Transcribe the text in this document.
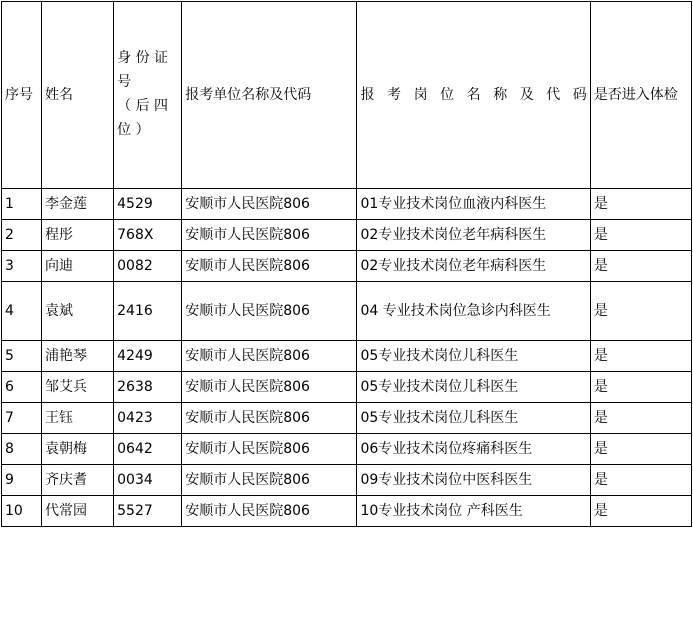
序号	姓名	身 份 证
号
（ 后 四
位 ）	报考单位名称及代码	报考岗位名称及代码	是否进入体检

1	李金莲	4529	安顺市人民医院806	01专业技术岗位血液内科医生	是
2	程彤	768X	安顺市人民医院806	02专业技术岗位老年病科医生	是
3	向迪	0082	安顺市人民医院806	02专业技术岗位老年病科医生	是
4	袁斌	2416	安顺市人民医院806	04 专业技术岗位急诊内科医生	是
5	浦艳琴	4249	安顺市人民医院806	05专业技术岗位儿科医生	是
6	邹艾兵	2638	安顺市人民医院806	05专业技术岗位儿科医生	是
7	王钰	0423	安顺市人民医院806	05专业技术岗位儿科医生	是
8	袁朝梅	0642	安顺市人民医院806	06专业技术岗位疼痛科医生	是
9	齐庆耆	0034	安顺市人民医院806	09专业技术岗位中医科医生	是
10	代常园	5527	安顺市人民医院806	10专业技术岗位 产科医生	是
